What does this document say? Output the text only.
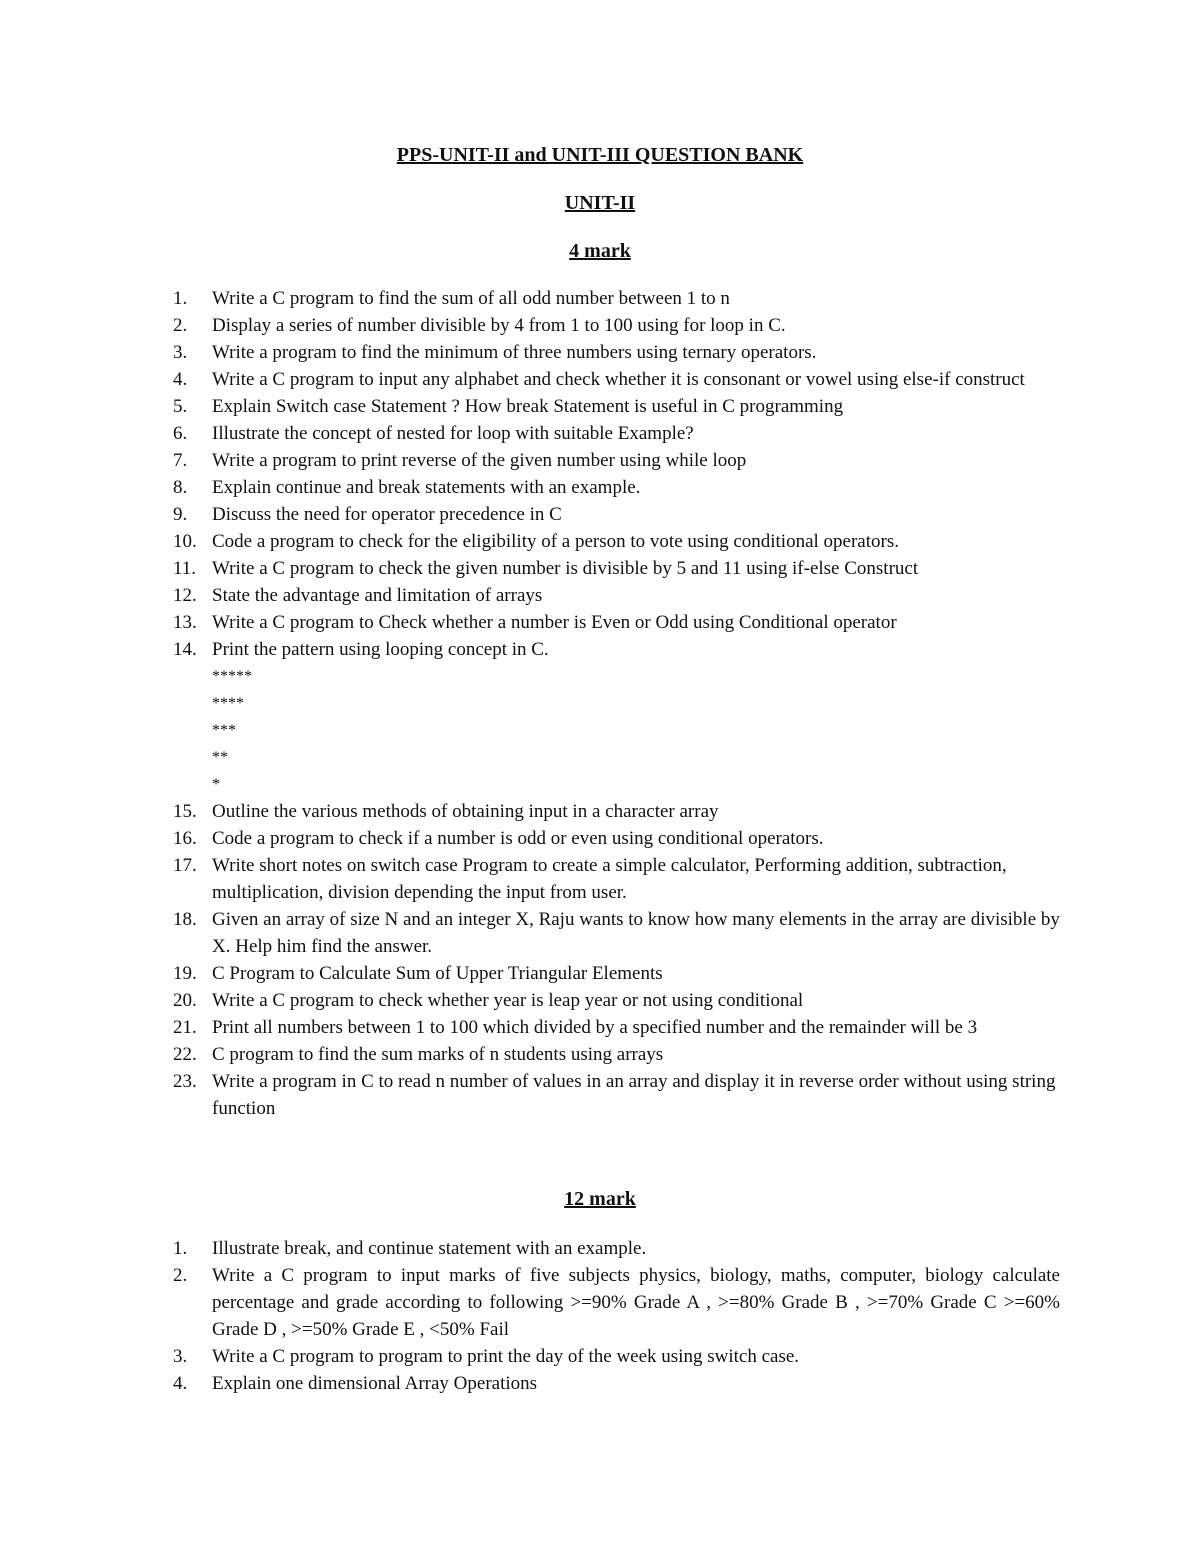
PPS-UNIT-II and UNIT-III QUESTION BANK
UNIT-II
4 mark
1.	Write a C program to find the sum of all odd number between 1 to n
2.	Display a series of number divisible by 4 from 1 to 100 using for loop in C.
3.	Write a program to find the minimum of three numbers using ternary operators.
4.	Write a C program to input any alphabet and check whether it is consonant or vowel using else-if construct
5.	Explain Switch case Statement ? How break Statement is useful in C programming
6.	Illustrate the concept of nested for loop with suitable Example?
7.	Write a program to print reverse of the given number using while loop
8.	Explain continue and break statements with an example.
9.	Discuss the need for operator precedence in C
10. Code a program to check for the eligibility of a person to vote using conditional operators.
11. Write a C program to check the given number is divisible by 5 and 11 using if-else Construct
12. State the advantage and limitation of arrays
13. Write a C program to Check whether a number is Even or Odd using Conditional operator
14. Print the pattern using looping concept in C.
*****
****
***
**
*
15. Outline the various methods of obtaining input in a character array
16. Code a program to check if a number is odd or even using conditional operators.
17. Write short notes on switch case Program to create a simple calculator, Performing addition, subtraction, multiplication, division depending the input from user.
18. Given an array of size N and an integer X, Raju wants to know how many elements in the array are divisible by X. Help him find the answer.
19. C Program to Calculate Sum of Upper Triangular Elements
20. Write a C program to check whether year is leap year or not using conditional
21. Print all numbers between 1 to 100 which divided by a specified number and the remainder will be 3
22. C program to find the sum marks of n students using arrays
23. Write a program in C to read n number of values in an array and display it in reverse order without using string function
12 mark
1.	Illustrate break, and continue statement with an example.
2.	Write a C program to input marks of five subjects physics, biology, maths, computer, biology calculate percentage and grade according to following >=90% Grade A , >=80% Grade B , >=70% Grade C >=60% Grade D , >=50% Grade E , <50% Fail
3.	Write a C program to program to print the day of the week using switch case.
4.	Explain one dimensional Array Operations
